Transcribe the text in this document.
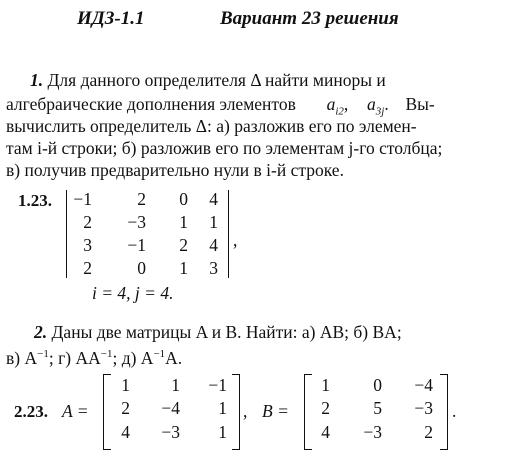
ИДЗ-1.1	Вариант 23 решения
1. Для данного определителя Δ найти миноры и
алгебраические дополнения элементов $a_{i2}$,  $a_{3j}$.  Вы-
вычислить определитель Δ: а) разложив его по элемен-
там i-й строки; б) разложив его по элементам j-го столбца;
в) получив предварительно нули в i-й строке.
1.23.	−1	2	0	4
2	−3	1	1
3	−1	2	4
2	0	1	3
,
i = 4, j = 4.
2. Даны две матрицы A и B. Найти: а) AB; б) BA;
в) $A^{-1}$; г) $AA^{-1}$; д) $A^{-1}A$.
2.23. A =
1	1	−1
2	−4	1
4	−3	1
, B =
1	0	−4
2	5	−3
4	−3	2
.
